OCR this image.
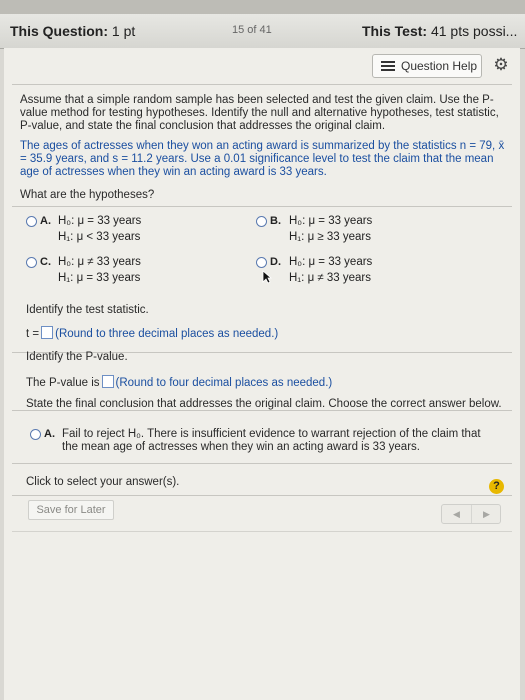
This Question: 1 pt	15 of 41	This Test: 41 pts possi...
Question Help ⚙
Assume that a simple random sample has been selected and test the given claim. Use the P-value method for testing hypotheses. Identify the null and alternative hypotheses, test statistic, P-value, and state the final conclusion that addresses the original claim.
The ages of actresses when they won an acting award is summarized by the statistics n = 79, x̄ = 35.9 years, and s = 11.2 years. Use a 0.01 significance level to test the claim that the mean age of actresses when they win an acting award is 33 years.
What are the hypotheses?
A. H₀: μ = 33 years
H₁: μ < 33 years
C. H₀: μ ≠ 33 years
H₁: μ = 33 years
B. H₀: μ = 33 years
H₁: μ ≥ 33 years
D. H₀: μ = 33 years
H₁: μ ≠ 33 years
Identify the test statistic.
t = (Round to three decimal places as needed.)
Identify the P-value.
The P-value is (Round to four decimal places as needed.)
State the final conclusion that addresses the original claim. Choose the correct answer below.
A. Fail to reject H₀. There is insufficient evidence to warrant rejection of the claim that the mean age of actresses when they win an acting award is 33 years.
Click to select your answer(s).	?
Save for Later	◀	▶
